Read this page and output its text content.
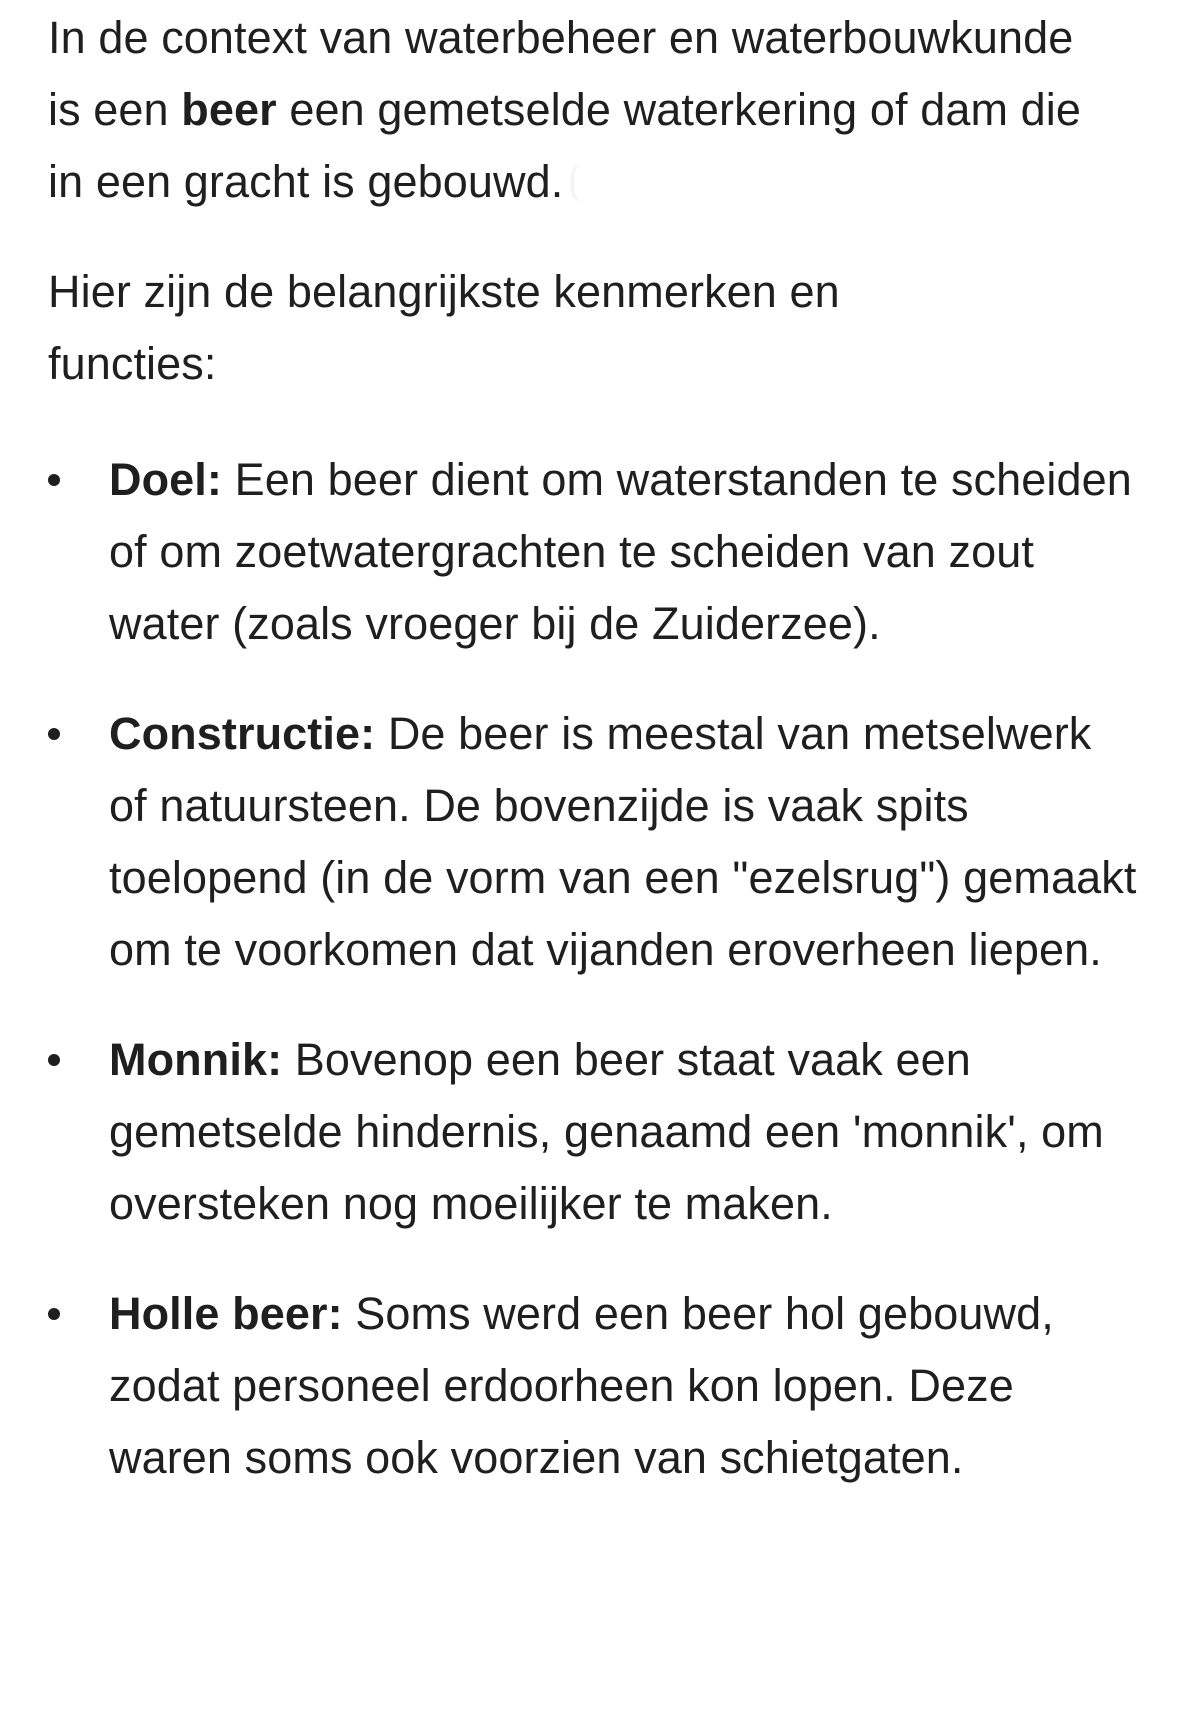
In de context van waterbeheer en waterbouwkunde is een beer een gemetselde waterkering of dam die in een gracht is gebouwd.

Hier zijn de belangrijkste kenmerken en functies:

Doel: Een beer dient om waterstanden te scheiden of om zoetwatergrachten te scheiden van zout water (zoals vroeger bij de Zuiderzee).
Constructie: De beer is meestal van metselwerk of natuursteen. De bovenzijde is vaak spits toelopend (in de vorm van een "ezelsrug") gemaakt om te voorkomen dat vijanden eroverheen liepen.
Monnik: Bovenop een beer staat vaak een gemetselde hindernis, genaamd een 'monnik', om oversteken nog moeilijker te maken.
Holle beer: Soms werd een beer hol gebouwd, zodat personeel erdoorheen kon lopen. Deze waren soms ook voorzien van schietgaten.
